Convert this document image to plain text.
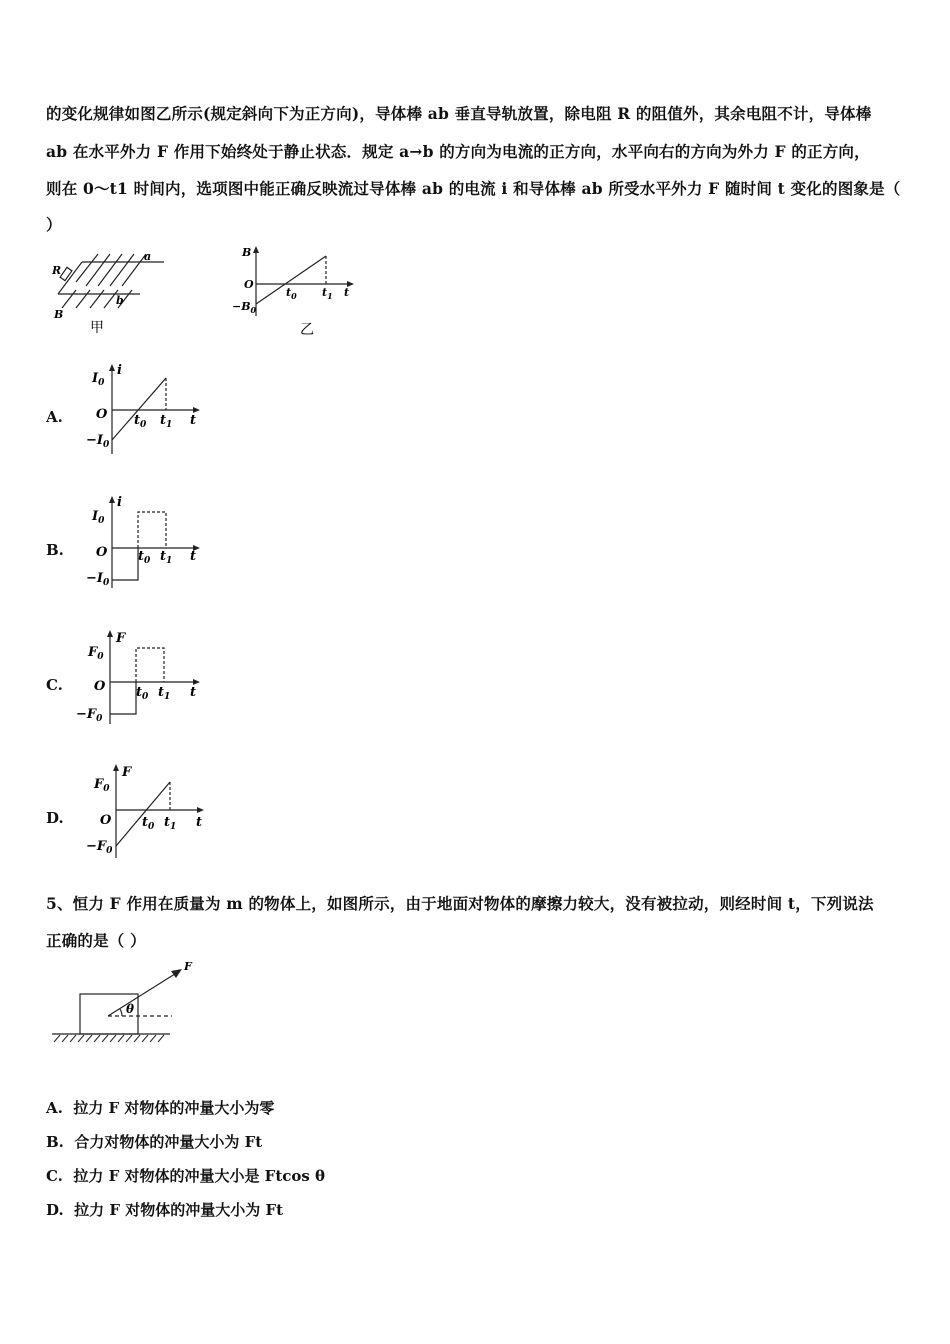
的变化规律如图乙所示(规定斜向下为正方向)，导体棒 ab 垂直导轨放置，除电阻 R 的阻值外，其余电阻不计，导体棒
ab 在水平外力 F 作用下始终处于静止状态．规定 a→b 的方向为电流的正方向，水平向右的方向为外力 F 的正方向，
则在 0～t1 时间内，选项图中能正确反映流过导体棒 ab 的电流 i 和导体棒 ab 所受水平外力 F 随时间 t 变化的图象是（
）
R
a
b
B
甲
B
O
$-B_0$
$t_0$ $t_1$ t
乙
A.
i
$I_0$
O
$-I_0$
$t_0$ $t_1$ t
B.
i
$I_0$
O
$-I_0$
$t_0$ $t_1$ t
C.
F
$F_0$
O
$-F_0$
$t_0$ $t_1$ t
D.
F
$F_0$
O
$-F_0$
$t_0$ $t_1$ t
5、恒力 F 作用在质量为 m 的物体上，如图所示，由于地面对物体的摩擦力较大，没有被拉动，则经时间 t，下列说法
正确的是（ ）
F
θ
A. 拉力 F 对物体的冲量大小为零
B. 合力对物体的冲量大小为 Ft
C. 拉力 F 对物体的冲量大小是 Ftcos θ
D. 拉力 F 对物体的冲量大小为 Ft
